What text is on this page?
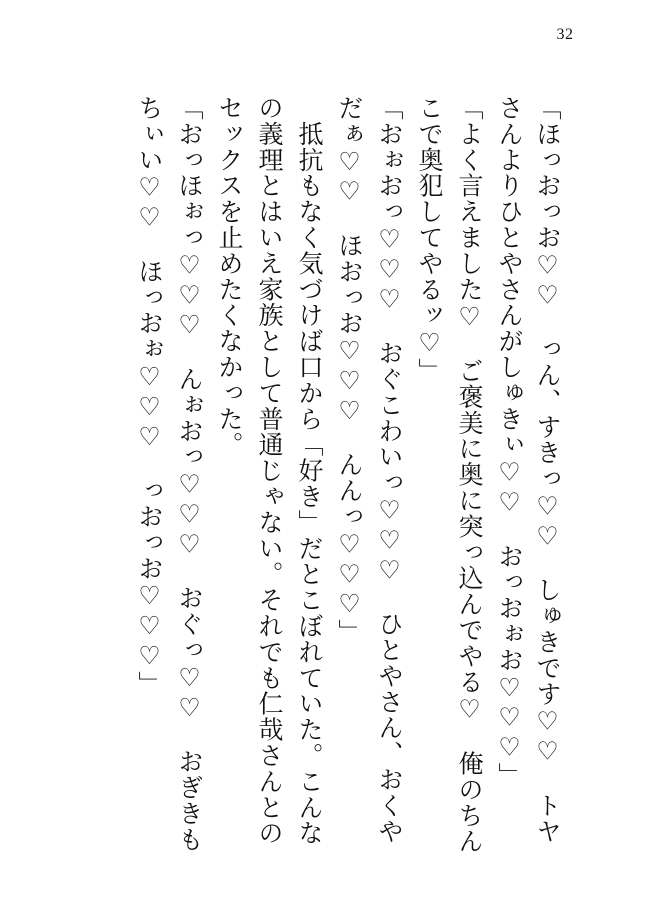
32
「ほっおっお♡♡　っん、すきっ♡♡　しゅきです♡♡　トヤ
さんよりひとやさんがしゅきぃ♡♡　おっおぉお♡♡♡」
「よく言えました♡　ご褒美に奥に突っ込んでやる♡　俺のちん
こで奥犯してやるッ♡」
「おぉおっ♡♡♡　おぐこわいっ♡♡♡　ひとやさん、おくや
だぁ♡♡　ほおっお♡♡♡　んんっ♡♡♡」
　抵抗もなく気づけば口から「好き」だとこぼれていた。こんな
の義理とはいえ家族として普通じゃない。それでも仁哉さんとの
セックスを止めたくなかった。
「おっほぉっ♡♡♡　んぉおっ♡♡♡　おぐっ♡♡　おぎきも
ちぃい♡♡　ほっおぉ♡♡♡　っおっお♡♡♡」
